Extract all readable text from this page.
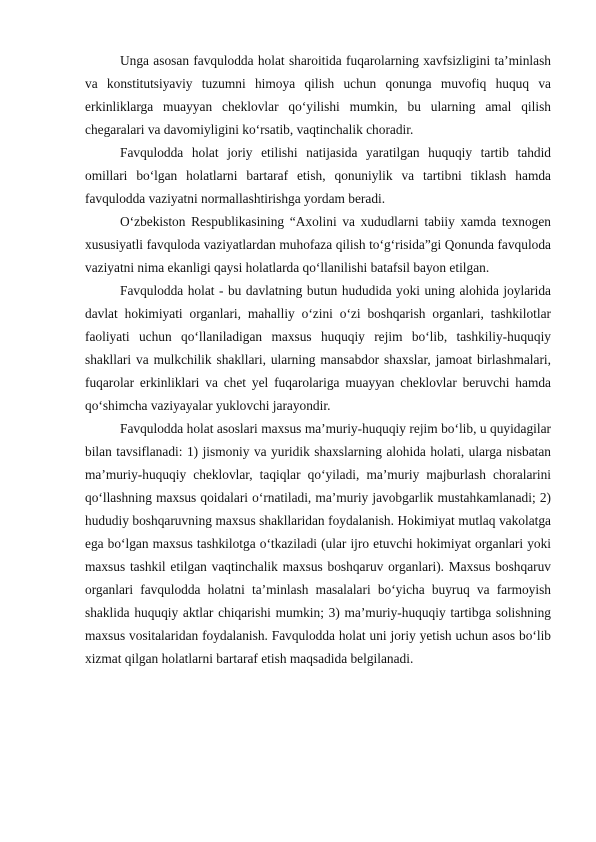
Unga asosan favqulodda holat sharoitida fuqarolarning xavfsizligini ta’minlash va konstitutsiyaviy tuzumni himoya qilish uchun qonunga muvofiq huquq va erkinliklarga muayyan cheklovlar qo‘yilishi mumkin, bu ularning amal qilish chegaralari va davomiyligini ko‘rsatib, vaqtinchalik choradir.

Favqulodda holat joriy etilishi natijasida yaratilgan huquqiy tartib tahdid omillari bo‘lgan holatlarni bartaraf etish, qonuniylik va tartibni tiklash hamda favqulodda vaziyatni normallashtirishga yordam beradi.

O‘zbekiston Respublikasining “Axolini va xududlarni tabiiy xamda texnogen xususiyatli favquloda vaziyatlardan muhofaza qilish to‘g‘risida”gi Qonunda favquloda vaziyatni nima ekanligi qaysi holatlarda qo‘llanilishi batafsil bayon etilgan.

Favqulodda holat - bu davlatning butun hududida yoki uning alohida joylarida davlat hokimiyati organlari, mahalliy o‘zini o‘zi boshqarish organlari, tashkilotlar faoliyati uchun qo‘llaniladigan maxsus huquqiy rejim bo‘lib, tashkiliy-huquqiy shakllari va mulkchilik shakllari, ularning mansabdor shaxslar, jamoat birlashmalari, fuqarolar erkinliklari va chet yel fuqarolariga muayyan cheklovlar beruvchi hamda qo‘shimcha vaziyayalar yuklovchi jarayondir.

Favqulodda holat asoslari maxsus ma’muriy-huquqiy rejim bo‘lib, u quyidagilar bilan tavsiflanadi: 1) jismoniy va yuridik shaxslarning alohida holati, ularga nisbatan ma’muriy-huquqiy cheklovlar, taqiqlar qo‘yiladi, ma’muriy majburlash choralarini qo‘llashning maxsus qoidalari o‘rnatiladi, ma’muriy javobgarlik mustahkamlanadi; 2) hududiy boshqaruvning maxsus shakllaridan foydalanish. Hokimiyat mutlaq vakolatga ega bo‘lgan maxsus tashkilotga o‘tkaziladi (ular ijro etuvchi hokimiyat organlari yoki maxsus tashkil etilgan vaqtinchalik maxsus boshqaruv organlari). Maxsus boshqaruv organlari favqulodda holatni ta’minlash masalalari bo‘yicha buyruq va farmoyish shaklida huquqiy aktlar chiqarishi mumkin; 3) ma’muriy-huquqiy tartibga solishning maxsus vositalaridan foydalanish. Favqulodda holat uni joriy yetish uchun asos bo‘lib xizmat qilgan holatlarni bartaraf etish maqsadida belgilanadi.
